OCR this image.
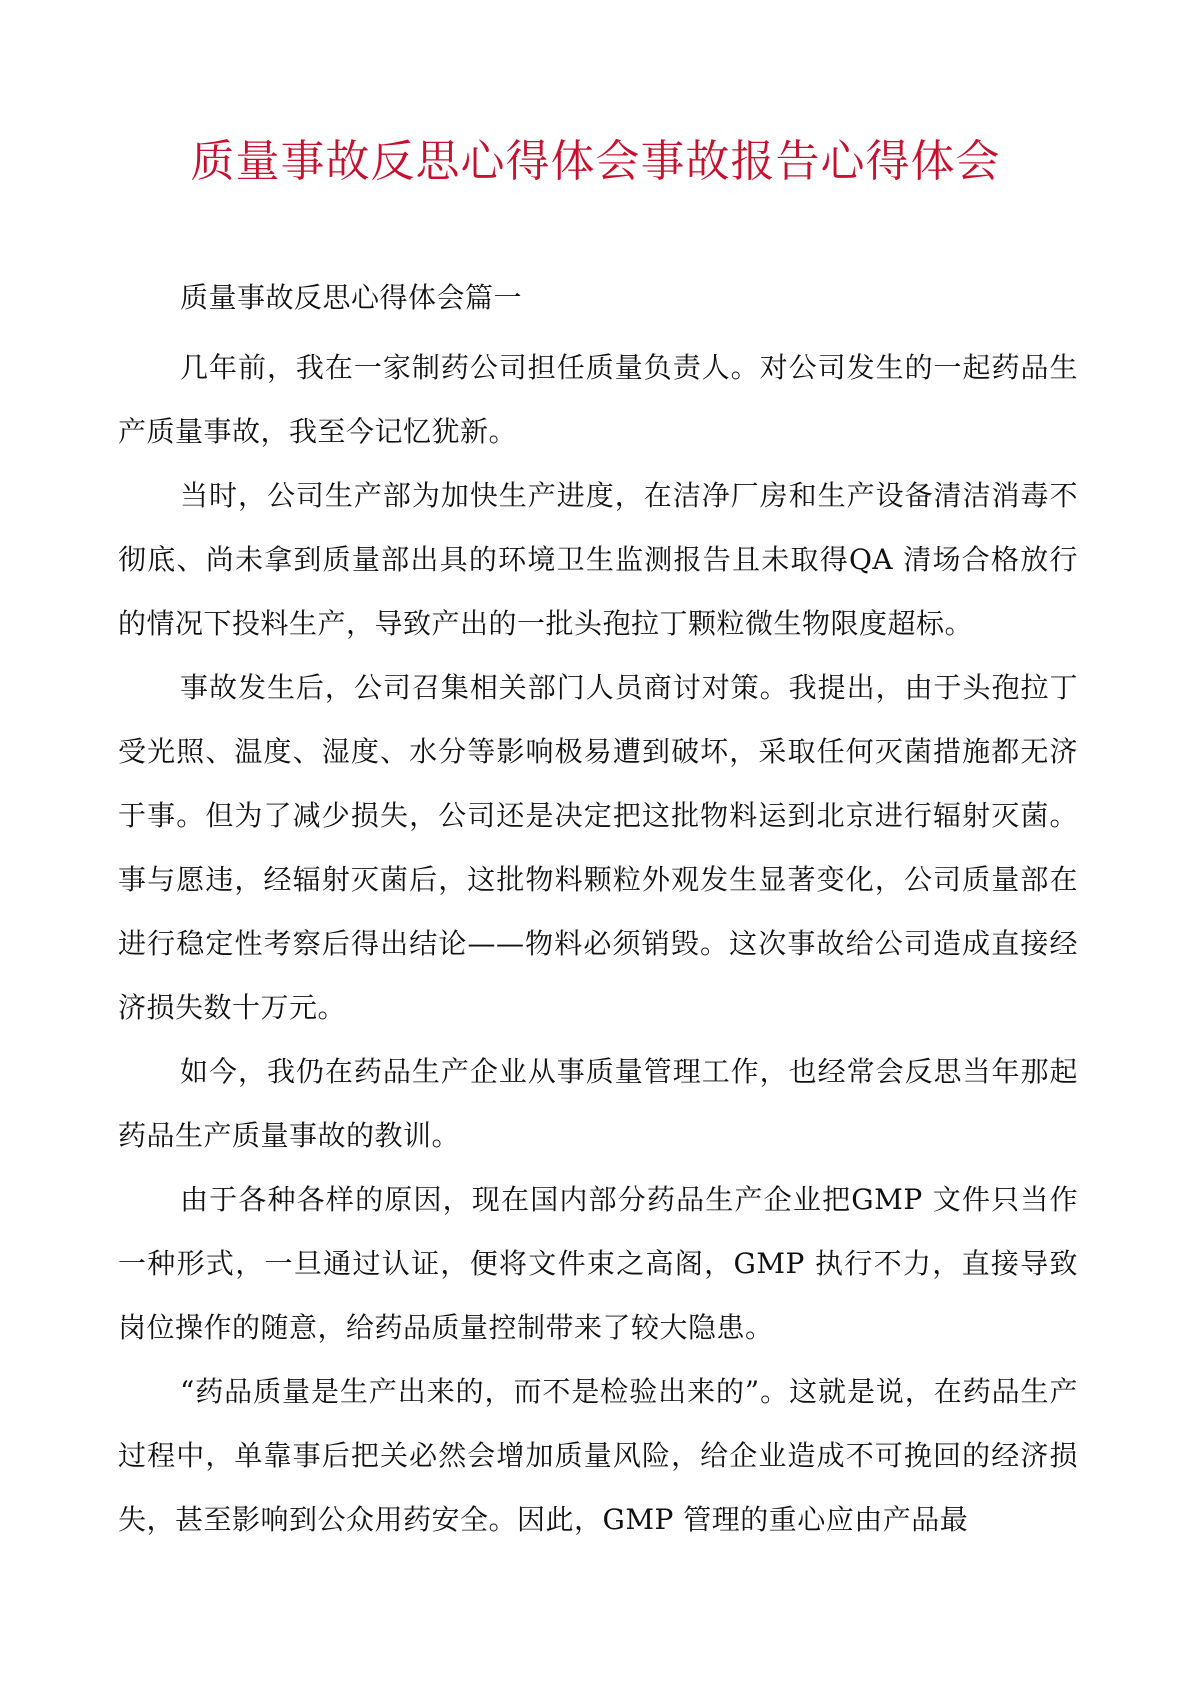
质量事故反思心得体会事故报告心得体会

质量事故反思心得体会篇一

几年前，我在一家制药公司担任质量负责人。对公司发生的一起药品生产质量事故，我至今记忆犹新。

当时，公司生产部为加快生产进度，在洁净厂房和生产设备清洁消毒不彻底、尚未拿到质量部出具的环境卫生监测报告且未取得QA 清场合格放行的情况下投料生产，导致产出的一批头孢拉丁颗粒微生物限度超标。

事故发生后，公司召集相关部门人员商讨对策。我提出，由于头孢拉丁受光照、温度、湿度、水分等影响极易遭到破坏，采取任何灭菌措施都无济于事。但为了减少损失，公司还是决定把这批物料运到北京进行辐射灭菌。事与愿违，经辐射灭菌后，这批物料颗粒外观发生显著变化，公司质量部在进行稳定性考察后得出结论——物料必须销毁。这次事故给公司造成直接经济损失数十万元。

如今，我仍在药品生产企业从事质量管理工作，也经常会反思当年那起药品生产质量事故的教训。

由于各种各样的原因，现在国内部分药品生产企业把GMP 文件只当作一种形式，一旦通过认证，便将文件束之高阁，GMP 执行不力，直接导致岗位操作的随意，给药品质量控制带来了较大隐患。

“药品质量是生产出来的，而不是检验出来的”。这就是说，在药品生产过程中，单靠事后把关必然会增加质量风险，给企业造成不可挽回的经济损失，甚至影响到公众用药安全。因此，GMP 管理的重心应由产品最
